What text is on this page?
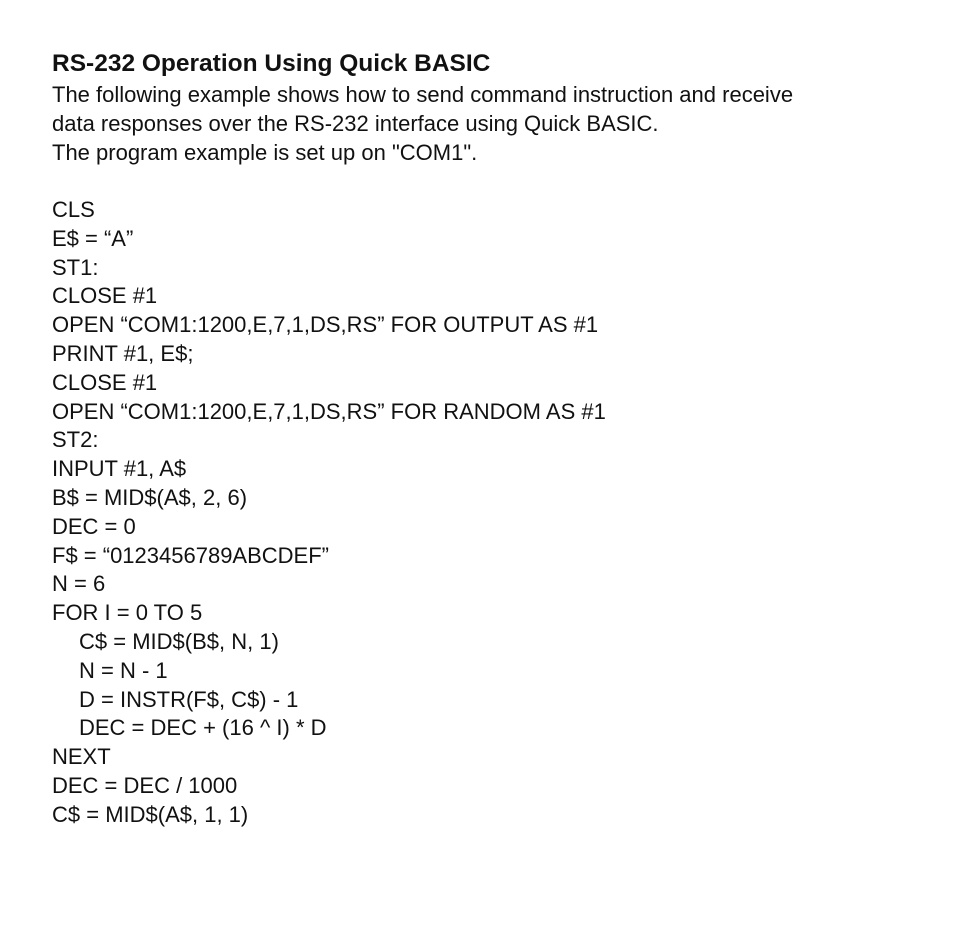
RS-232 Operation Using Quick BASIC

The following example shows how to send command instruction and receive
data responses over the RS-232 interface using Quick BASIC.
The program example is set up on "COM1".

CLS
E$ = “A”
ST1:
CLOSE #1
OPEN “COM1:1200,E,7,1,DS,RS” FOR OUTPUT AS #1
PRINT #1, E$;
CLOSE #1
OPEN “COM1:1200,E,7,1,DS,RS” FOR RANDOM AS #1
ST2:
INPUT #1, A$
B$ = MID$(A$, 2, 6)
DEC = 0
F$ = “0123456789ABCDEF”
N = 6
FOR I = 0 TO 5
C$ = MID$(B$, N, 1)
N = N - 1
D = INSTR(F$, C$) - 1
DEC = DEC + (16 ^ I) * D
NEXT
DEC = DEC / 1000
C$ = MID$(A$, 1, 1)
